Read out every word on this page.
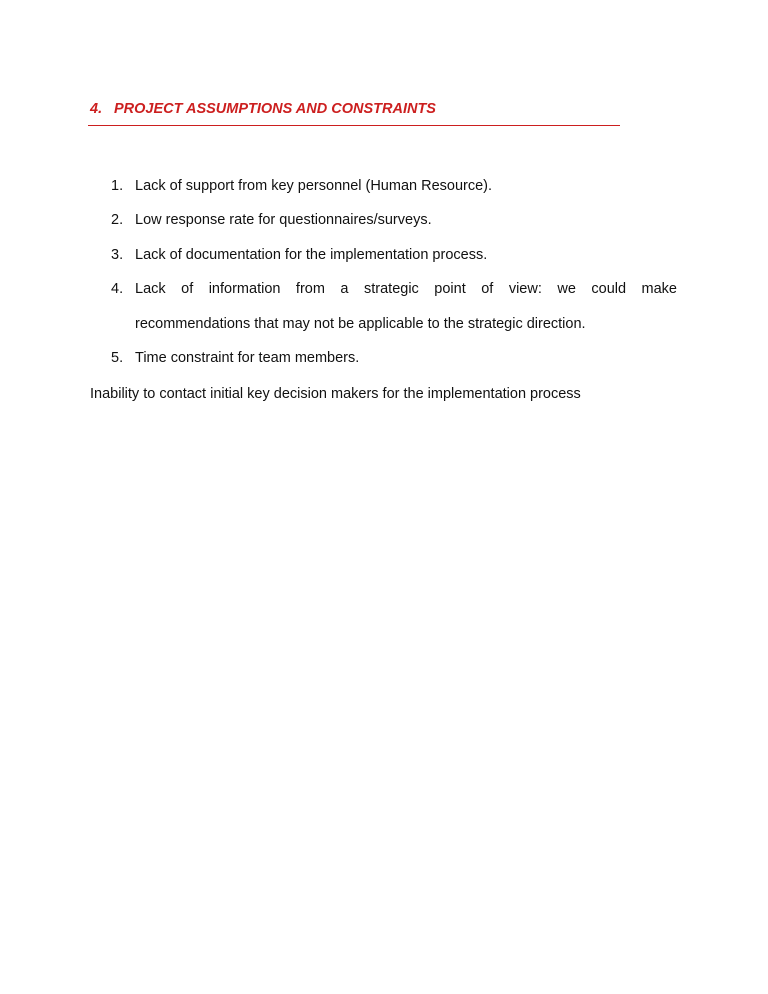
4. PROJECT ASSUMPTIONS AND CONSTRAINTS
1. Lack of support from key personnel (Human Resource).
2. Low response rate for questionnaires/surveys.
3. Lack of documentation for the implementation process.
4. Lack of information from a strategic point of view: we could make
recommendations that may not be applicable to the strategic direction.
5. Time constraint for team members.
Inability to contact initial key decision makers for the implementation process
